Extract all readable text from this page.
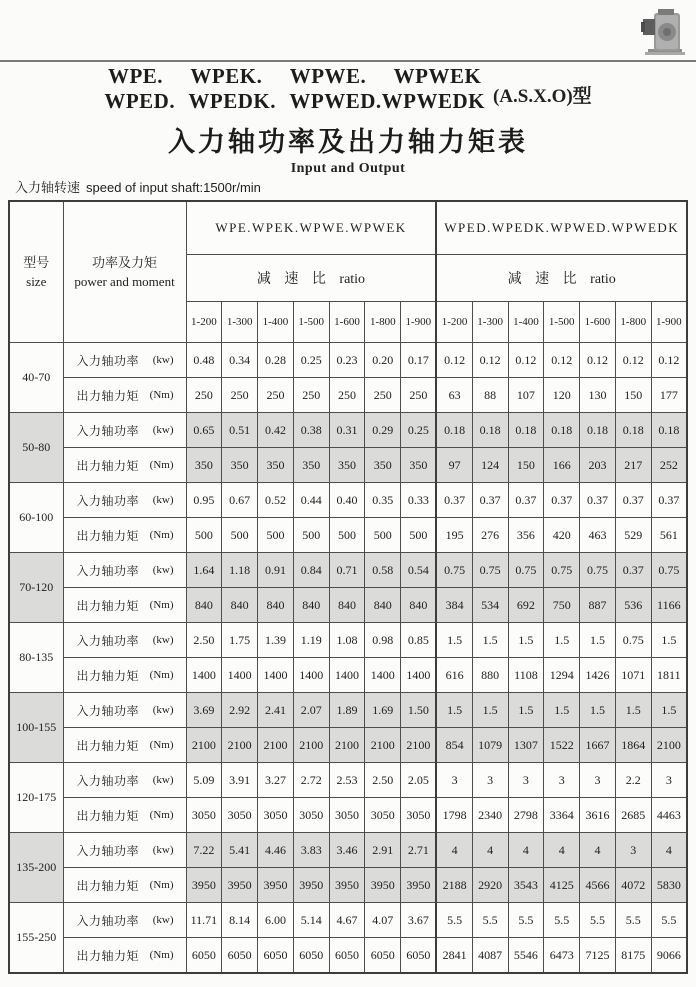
WPE. WPEK. WPWE. WPWEK
WPED. WPEDK. WPWED.WPWEDK (A.S.X.O)型
入力轴功率及出力轴力矩表
Input and Output
入力轴转速 speed of input shaft:1500r/min
型号
size

功率及力矩
power and moment
	WPE.WPEK.WPWE.WPWEK	WPED.WPEDK.WPWED.WPWEDK
		减 速 比 ratio							减 速 比 ratio						
		1-200	1-300	1-400	1-500	1-600	1-800	1-900	1-200	1-300	1-400	1-500	1-600	1-800	1-900
40-70	入力轴功率 (kw)	0.48	0.34	0.28	0.25	0.23	0.20	0.17	0.12	0.12	0.12	0.12	0.12	0.12	0.12

	出力轴力矩 (Nm)	250	250	250	250	250	250	250	63	88	107	120	130	150	177
50-80	入力轴功率 (kw)	0.65	0.51	0.42	0.38	0.31	0.29	0.25	0.18	0.18	0.18	0.18	0.18	0.18	0.18

	出力轴力矩 (Nm)	350	350	350	350	350	350	350	97	124	150	166	203	217	252
60-100	入力轴功率 (kw)	0.95	0.67	0.52	0.44	0.40	0.35	0.33	0.37	0.37	0.37	0.37	0.37	0.37	0.37

	出力轴力矩 (Nm)	500	500	500	500	500	500	500	195	276	356	420	463	529	561
70-120	入力轴功率 (kw)	1.64	1.18	0.91	0.84	0.71	0.58	0.54	0.75	0.75	0.75	0.75	0.75	0.37	0.75

	出力轴力矩 (Nm)	840	840	840	840	840	840	840	384	534	692	750	887	536	1166
80-135	入力轴功率 (kw)	2.50	1.75	1.39	1.19	1.08	0.98	0.85	1.5	1.5	1.5	1.5	1.5	0.75	1.5

	出力轴力矩 (Nm)	1400	1400	1400	1400	1400	1400	1400	616	880	1108	1294	1426	1071	1811
100-155	入力轴功率 (kw)	3.69	2.92	2.41	2.07	1.89	1.69	1.50	1.5	1.5	1.5	1.5	1.5	1.5	1.5

	出力轴力矩 (Nm)	2100	2100	2100	2100	2100	2100	2100	854	1079	1307	1522	1667	1864	2100
120-175	入力轴功率 (kw)	5.09	3.91	3.27	2.72	2.53	2.50	2.05	3	3	3	3	3	2.2	3

	出力轴力矩 (Nm)	3050	3050	3050	3050	3050	3050	3050	1798	2340	2798	3364	3616	2685	4463
135-200	入力轴功率 (kw)	7.22	5.41	4.46	3.83	3.46	2.91	2.71	4	4	4	4	4	3	4

	出力轴力矩 (Nm)	3950	3950	3950	3950	3950	3950	3950	2188	2920	3543	4125	4566	4072	5830
155-250	入力轴功率 (kw)	11.71	8.14	6.00	5.14	4.67	4.07	3.67	5.5	5.5	5.5	5.5	5.5	5.5	5.5

	出力轴力矩 (Nm)	6050	6050	6050	6050	6050	6050	6050	2841	4087	5546	6473	7125	8175	9066
